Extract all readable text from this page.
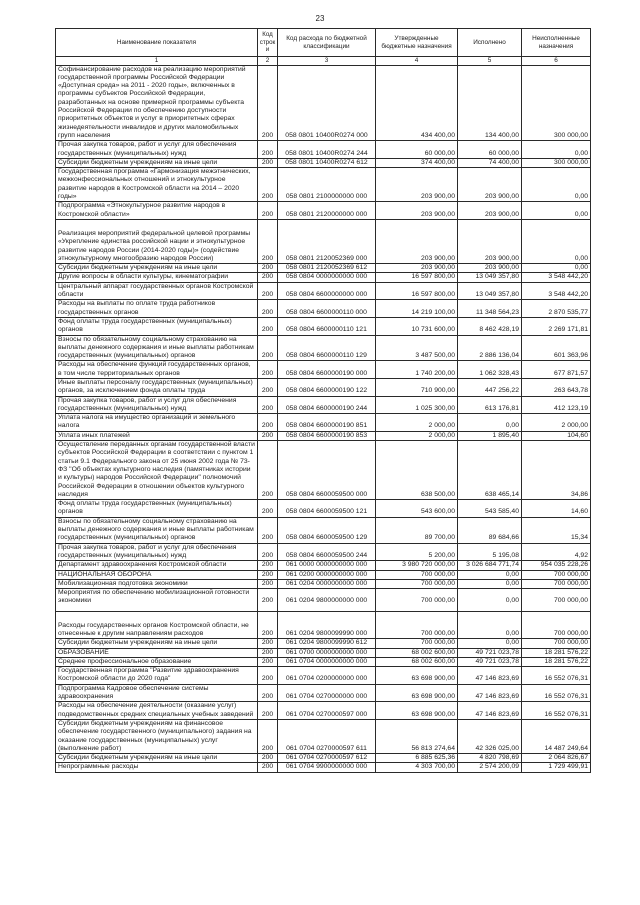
23
Наименование показателя	Код строк и	Код расхода по бюджетной классификации	Утвержденные бюджетные назначения	Исполнено	Неисполненные назначения
1	2	3	4	5	6
Софинансирование расходов на реализацию мероприятий государственной программы Российской Федерации «Доступная среда» на 2011 - 2020 годы», включенных в программы субъектов Российской Федерации, разработанных на основе примерной программы субъекта Российской Федерации по обеспечению доступности приоритетных объектов и услуг в приоритетных сферах жизнедеятельности инвалидов и других маломобильных групп населения	200	058 0801 10400R0274 000	434 400,00	134 400,00	300 000,00
Прочая закупка товаров, работ и услуг для обеспечения государственных (муниципальных) нужд	200	058 0801 10400R0274 244	60 000,00	60 000,00	0,00
Субсидии бюджетным учреждениям на иные цели	200	058 0801 10400R0274 612	374 400,00	74 400,00	300 000,00
Государственная программа «Гармонизация межэтнических, межконфессиональных отношений и этнокультурное развитие народов в Костромской области на 2014 – 2020 годы»	200	058 0801 2100000000 000	203 900,00	203 900,00	0,00
Подпрограмма «Этнокультурное развитие народов в Костромской области»	200	058 0801 2120000000 000	203 900,00	203 900,00	0,00
Реализация мероприятий федеральной целевой программы «Укрепление единства российской нации и этнокультурное развитие народов России (2014-2020 годы)» (содействие этнокультурному многообразию народов России)	200	058 0801 2120052369 000	203 900,00	203 900,00	0,00
Субсидии бюджетным учреждениям на иные цели	200	058 0801 2120052369 612	203 900,00	203 900,00	0,00
Другие вопросы в области культуры, кинематографии	200	058 0804 0000000000 000	16 597 800,00	13 049 357,80	3 548 442,20
Центральный аппарат государственных органов Костромской области	200	058 0804 6600000000 000	16 597 800,00	13 049 357,80	3 548 442,20
Расходы на выплаты по оплате труда работников государственных органов	200	058 0804 6600000110 000	14 219 100,00	11 348 564,23	2 870 535,77
Фонд оплаты труда государственных (муниципальных) органов	200	058 0804 6600000110 121	10 731 600,00	8 462 428,19	2 269 171,81
Взносы по обязательному социальному страхованию на выплаты денежного содержания и иные выплаты работникам государственных (муниципальных) органов	200	058 0804 6600000110 129	3 487 500,00	2 886 136,04	601 363,96
Расходы на обеспечение функций государственных органов, в том числе территориальных органов	200	058 0804 6600000190 000	1 740 200,00	1 062 328,43	677 871,57
Иные выплаты персоналу государственных (муниципальных) органов, за исключением фонда оплаты труда	200	058 0804 6600000190 122	710 900,00	447 256,22	263 643,78
Прочая закупка товаров, работ и услуг для обеспечения государственных (муниципальных) нужд	200	058 0804 6600000190 244	1 025 300,00	613 176,81	412 123,19
Уплата налога на имущество организаций и земельного налога	200	058 0804 6600000190 851	2 000,00	0,00	2 000,00
Уплата иных платежей	200	058 0804 6600000190 853	2 000,00	1 895,40	104,60
Осуществление переданных органам государственной власти субъектов Российской Федерации в соответствии с пунктом 1 статьи 9.1 Федерального закона от 25 июня 2002 года № 73-ФЗ "Об объектах культурного наследия (памятниках истории и культуры) народов Российской Федерации" полномочий Российской Федерации в отношении объектов культурного наследия	200	058 0804 6600059500 000	638 500,00	638 465,14	34,86
Фонд оплаты труда государственных (муниципальных) органов	200	058 0804 6600059500 121	543 600,00	543 585,40	14,60
Взносы по обязательному социальному страхованию на выплаты денежного содержания и иные выплаты работникам государственных (муниципальных) органов	200	058 0804 6600059500 129	89 700,00	89 684,66	15,34
Прочая закупка товаров, работ и услуг для обеспечения государственных (муниципальных) нужд	200	058 0804 6600059500 244	5 200,00	5 195,08	4,92
Департамент здравоохранения Костромской области	200	061 0000 0000000000 000	3 980 720 000,00	3 026 684 771,74	954 035 228,26
НАЦИОНАЛЬНАЯ ОБОРОНА	200	061 0200 0000000000 000	700 000,00	0,00	700 000,00
Мобилизационная подготовка экономики	200	061 0204 0000000000 000	700 000,00	0,00	700 000,00
Мероприятия по обеспечению мобилизационной готовности экономики	200	061 0204 9800000000 000	700 000,00	0,00	700 000,00
Расходы государственных органов Костромской области, не отнесенные к другим направлениям расходов	200	061 0204 9800099990 000	700 000,00	0,00	700 000,00
Субсидии бюджетным учреждениям на иные цели	200	061 0204 9800099990 612	700 000,00	0,00	700 000,00
ОБРАЗОВАНИЕ	200	061 0700 0000000000 000	68 002 600,00	49 721 023,78	18 281 576,22
Среднее профессиональное образование	200	061 0704 0000000000 000	68 002 600,00	49 721 023,78	18 281 576,22
Государственная программа "Развитие здравоохранения Костромской области до 2020 года"	200	061 0704 0200000000 000	63 698 900,00	47 146 823,69	16 552 076,31
Подпрограмма Кадровое обеспечение системы здравоохранения	200	061 0704 0270000000 000	63 698 900,00	47 146 823,69	16 552 076,31
Расходы на обеспечение деятельности (оказание услуг) подведомственных средних специальных учебных заведений	200	061 0704 0270000597 000	63 698 900,00	47 146 823,69	16 552 076,31
Субсидии бюджетным учреждениям на финансовое обеспечение государственного (муниципального) задания на оказание государственных (муниципальных) услуг (выполнение работ)	200	061 0704 0270000597 611	56 813 274,64	42 326 025,00	14 487 249,64
Субсидии бюджетным учреждениям на иные цели	200	061 0704 0270000597 612	6 885 625,36	4 820 798,69	2 064 826,67
Непрограммные расходы	200	061 0704 9900000000 000	4 303 700,00	2 574 200,09	1 729 499,91
